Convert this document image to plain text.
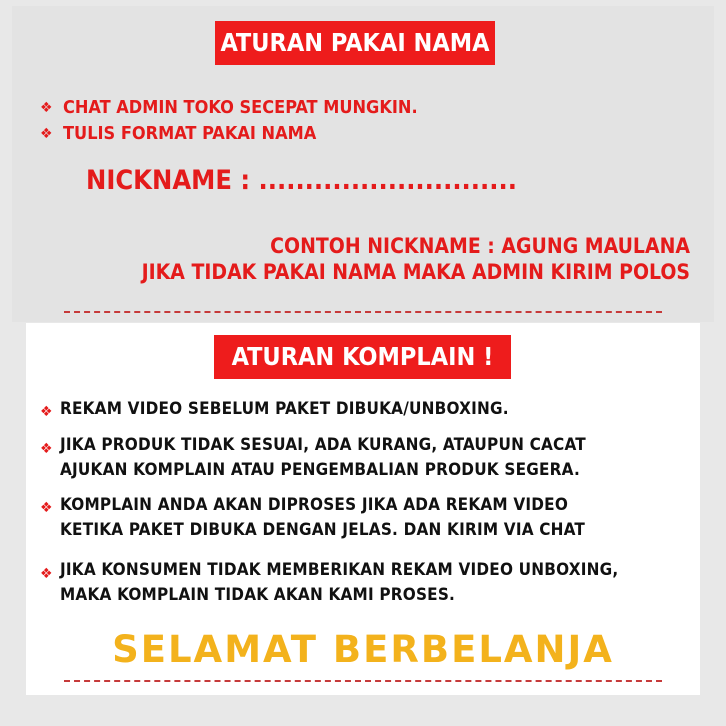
ATURAN PAKAI NAMA
❖ CHAT ADMIN TOKO SECEPAT MUNGKIN.
❖ TULIS FORMAT PAKAI NAMA
NICKNAME : ............................
CONTOH NICKNAME : AGUNG MAULANA
JIKA TIDAK PAKAI NAMA MAKA ADMIN KIRIM POLOS
ATURAN KOMPLAIN !
❖ REKAM VIDEO SEBELUM PAKET DIBUKA/UNBOXING.
❖ JIKA PRODUK TIDAK SESUAI, ADA KURANG, ATAUPUN CACAT
AJUKAN KOMPLAIN ATAU PENGEMBALIAN PRODUK SEGERA.
❖ KOMPLAIN ANDA AKAN DIPROSES JIKA ADA REKAM VIDEO
KETIKA PAKET DIBUKA DENGAN JELAS. DAN KIRIM VIA CHAT
❖ JIKA KONSUMEN TIDAK MEMBERIKAN REKAM VIDEO UNBOXING,
MAKA KOMPLAIN TIDAK AKAN KAMI PROSES.
SELAMAT BERBELANJA
